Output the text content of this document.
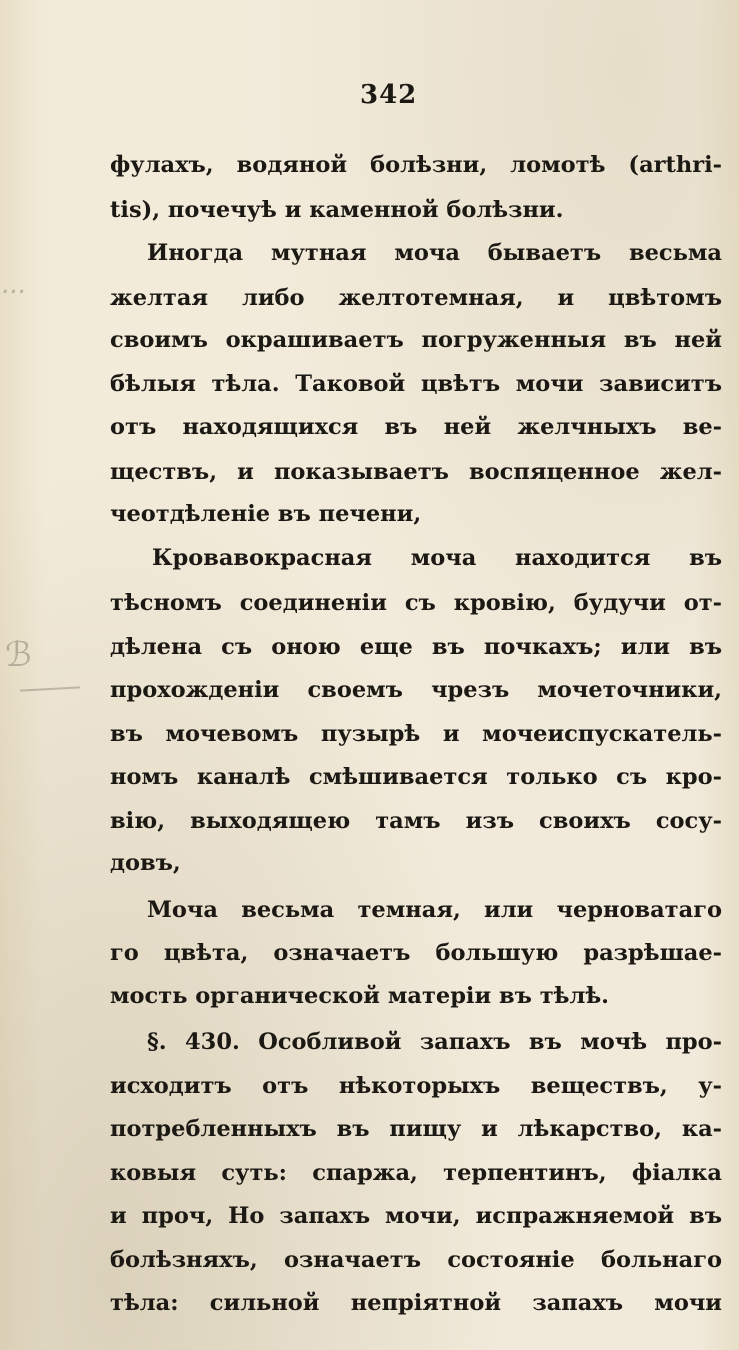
342
...
ℬ
фулахъ, водяной болѣзни, ломотѣ (arthri-
tis), почечуѣ и каменной болѣзни.
Иногда мутная моча бываетъ весьма
желтая либо желтотемная, и цвѣтомъ
своимъ окрашиваетъ погруженныя въ ней
бѣлыя тѣла. Таковой цвѣтъ мочи зависитъ
отъ находящихся въ ней желчныхъ ве-
ществъ, и показываетъ воспяценное жел-
чеотдѣленіе въ печени,
Кровавокрасная моча находится въ
тѣсномъ соединеніи съ кровію, будучи от-
дѣлена съ оною еще въ почкахъ; или въ
прохожденіи своемъ чрезъ мочеточники,
въ мочевомъ пузырѣ и мочеиспускатель-
номъ каналѣ смѣшивается только съ кро-
вію, выходящею тамъ изъ своихъ сосу-
довъ,
Моча весьма темная, или черноватаго
го цвѣта, означаетъ большую разрѣшае-
мость органической матеріи въ тѣлѣ.
§. 430. Особливой запахъ въ мочѣ про-
исходитъ отъ нѣкоторыхъ веществъ, у-
потребленныхъ въ пищу и лѣкарство, ка-
ковыя суть: спаржа, терпентинъ, фіалка
и проч, Но запахъ мочи, испражняемой въ
болѣзняхъ, означаетъ состояніе больнаго
тѣла: сильной непріятной запахъ мочи
